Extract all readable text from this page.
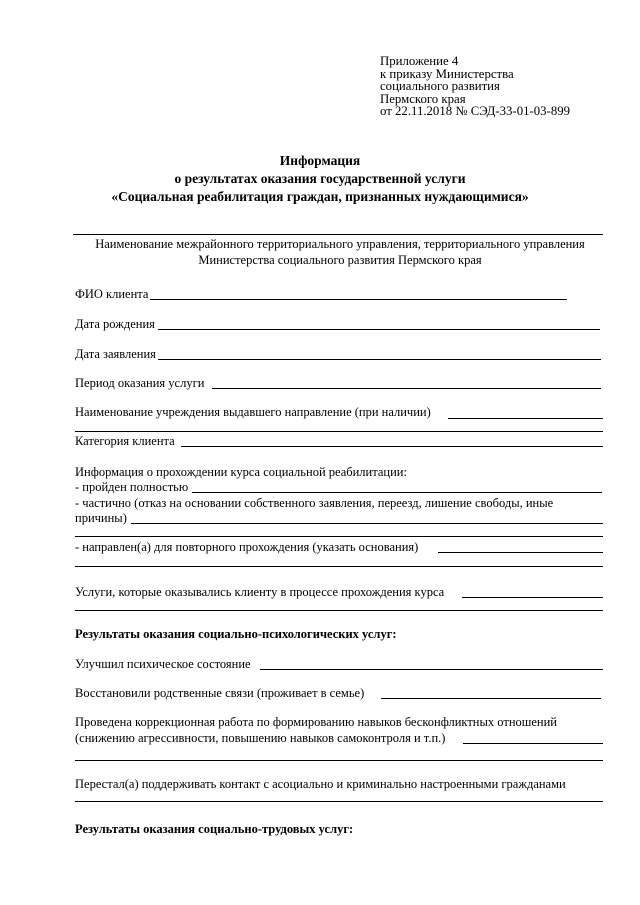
Приложение 4
к приказу Министерства
социального развития
Пермского края
от 22.11.2018 № СЭД-33-01-03-899
Информация
о результатах оказания государственной услуги
«Социальная реабилитация граждан, признанных нуждающимися»
Наименование межрайонного территориального управления, территориального управления
Министерства социального развития Пермского края
ФИО клиента
Дата рождения
Дата заявления
Период оказания услуги
Наименование учреждения выдавшего направление (при наличии)
Категория клиента
Информация о прохождении курса социальной реабилитации:
- пройден полностью
- частично (отказ на основании собственного заявления, переезд, лишение свободы, иные
причины)
- направлен(а) для повторного прохождения (указать основания)
Услуги, которые оказывались клиенту в процессе прохождения курса
Результаты оказания социально-психологических услуг:
Улучшил психическое состояние
Восстановили родственные связи (проживает в семье)
Проведена коррекционная работа по формированию навыков бесконфликтных отношений
(снижению агрессивности, повышению навыков самоконтроля и т.п.)
Перестал(а) поддерживать контакт с асоциально и криминально настроенными гражданами
Результаты оказания социально-трудовых услуг:
